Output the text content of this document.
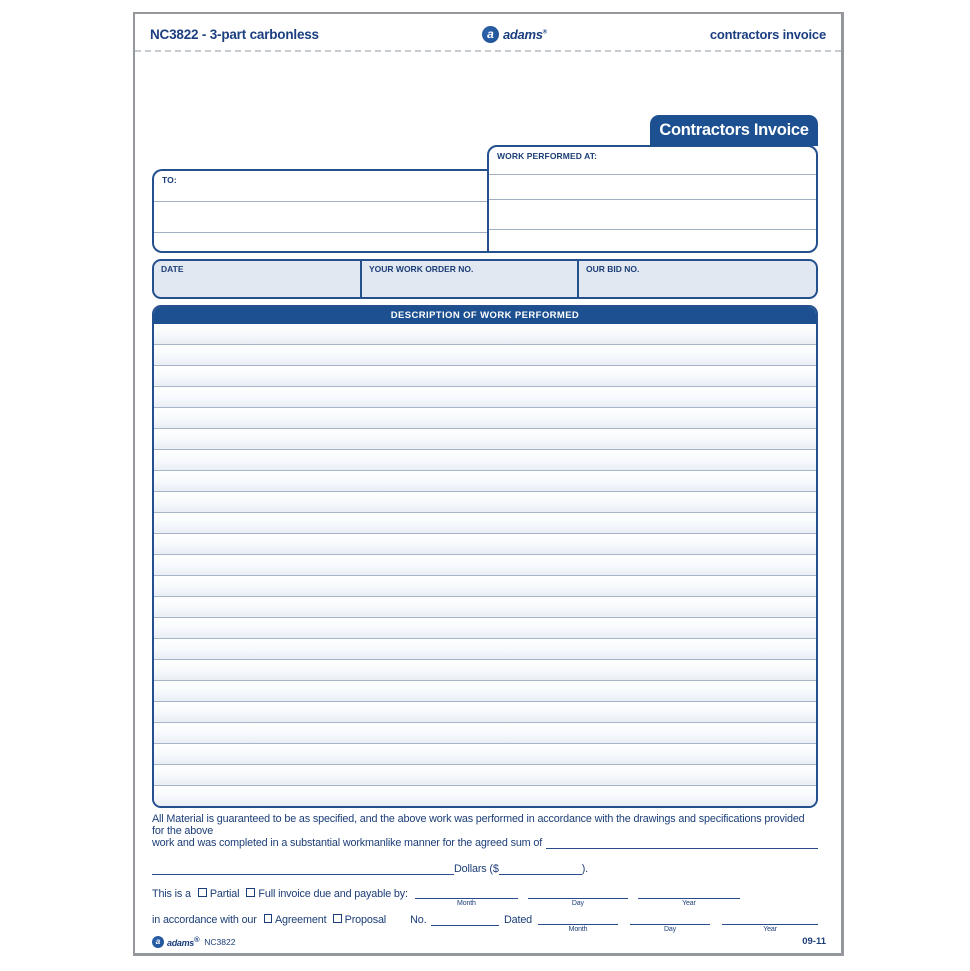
NC3822 - 3-part carbonless	a adams®	contractors invoice
Contractors Invoice
WORK PERFORMED AT:
TO:
DATE	YOUR WORK ORDER NO.	OUR BID NO.
DESCRIPTION OF WORK PERFORMED
All Material is guaranteed to be as specified, and the above work was performed in accordance with the drawings and specifications provided for the above
work and was completed in a substantial workmanlike manner for the agreed sum of
Dollars ($	).
This is a Partial Full invoice due and payable by:
Month	Day	Year
in accordance with our Agreement Proposal No.	Dated
Month	Day	Year
a adams® NC3822	09-11
